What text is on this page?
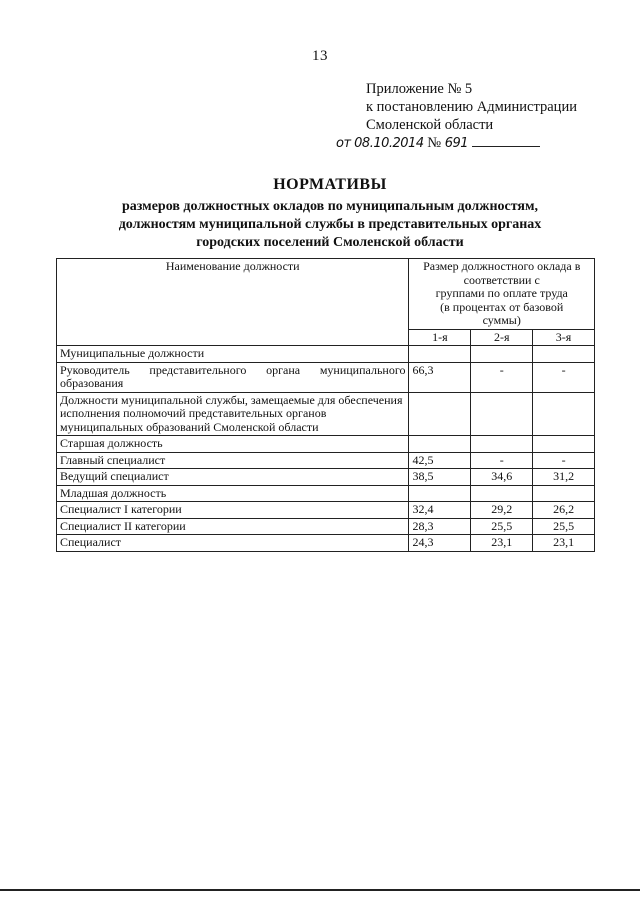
13
Приложение № 5
к постановлению Администрации
Смоленской области
от 08.10.2014 № 691
НОРМАТИВЫ
размеров должностных окладов по муниципальным должностям,
должностям муниципальной службы в представительных органах
городских поселений Смоленской области
Наименование должности	Размер должностного оклада в
соответствии с
группами по оплате труда
(в процентах от базовой
суммы)		

	1-я	2-я	3-я
Муниципальные должности			
Руководитель представительного органа муниципального образования	66,3	-	-
Должности муниципальной службы, замещаемые для обеспечения исполнения полномочий представительных органов муниципальных образований Смоленской области			
Старшая должность			
Главный специалист	42,5	-	-
Ведущий специалист	38,5	34,6	31,2
Младшая должность			
Специалист I категории	32,4	29,2	26,2
Специалист II категории	28,3	25,5	25,5
Специалист	24,3	23,1	23,1
